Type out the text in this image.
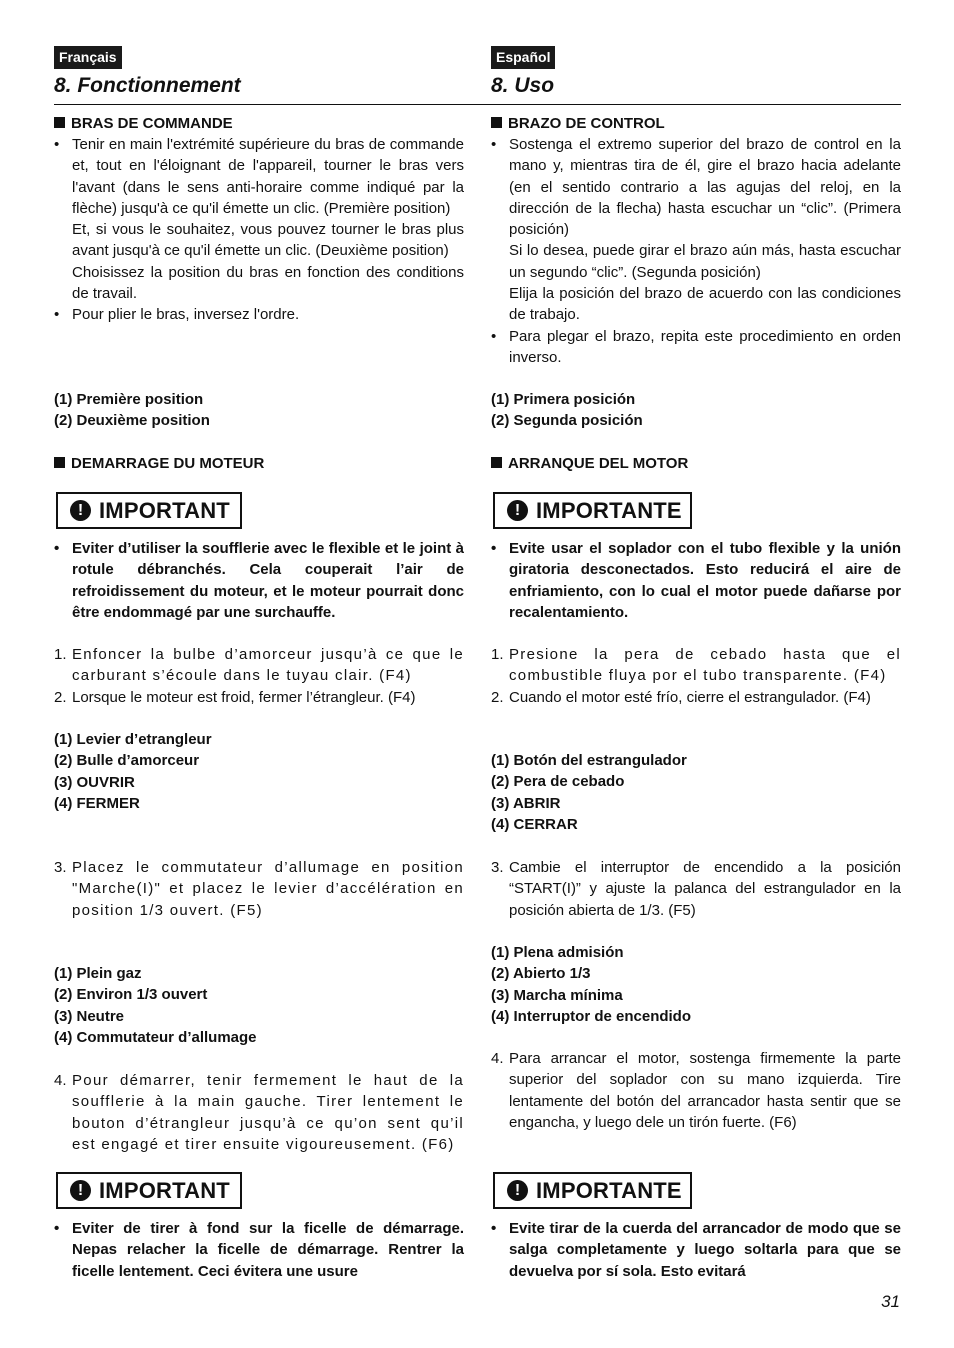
Français
8. Fonctionnement
BRAS DE COMMANDE
• Tenir en main l'extrémité supérieure du bras de commande et, tout en l'éloignant de l'appareil, tourner le bras vers l'avant (dans le sens anti-horaire comme indiqué par la flèche) jusqu'à ce qu'il émette un clic. (Première position)
Et, si vous le souhaitez, vous pouvez tourner le bras plus avant jusqu'à ce qu'il émette un clic. (Deuxième position)
Choisissez la position du bras en fonction des conditions de travail.
• Pour plier le bras, inversez l'ordre.
(1) Première position
(2) Deuxième position
DEMARRAGE DU MOTEUR
! IMPORTANT
• Eviter d’utiliser la soufflerie avec le flexible et le joint à rotule débranchés. Cela couperait l’air de refroidissement du moteur, et le moteur pourrait donc être endommagé par une surchauffe.
1. Enfoncer la bulbe d’amorceur jusqu’à ce que le carburant s’écoule dans le tuyau clair. (F4)
2. Lorsque le moteur est froid, fermer l’étrangleur. (F4)
(1) Levier d’etrangleur
(2) Bulle d’amorceur
(3) OUVRIR
(4) FERMER
3. Placez le commutateur d’allumage en position "Marche(I)" et placez le levier d’accélération en position 1/3 ouvert. (F5)
(1) Plein gaz
(2) Environ 1/3 ouvert
(3) Neutre
(4) Commutateur d’allumage
4. Pour démarrer, tenir fermement le haut de la soufflerie à la main gauche. Tirer lentement le bouton d’étrangleur jusqu’à ce qu’on sent qu’il est engagé et tirer ensuite vigoureusement. (F6)
! IMPORTANT
• Eviter de tirer à fond sur la ficelle de démarrage. Nepas relacher la ficelle de démarrage. Rentrer la ficelle lentement. Ceci évitera une usure
Español
8. Uso
BRAZO DE CONTROL
• Sostenga el extremo superior del brazo de control en la mano y, mientras tira de él, gire el brazo hacia adelante (en el sentido contrario a las agujas del reloj, en la dirección de la flecha) hasta escuchar un “clic”. (Primera posición)
Si lo desea, puede girar el brazo aún más, hasta escuchar un segundo “clic”. (Segunda posición)
Elija la posición del brazo de acuerdo con las condiciones de trabajo.
• Para plegar el brazo, repita este procedimiento en orden inverso.
(1) Primera posición
(2) Segunda posición
ARRANQUE DEL MOTOR
! IMPORTANTE
• Evite usar el soplador con el tubo flexible y la unión giratoria desconectados. Esto reducirá el aire de enfriamiento, con lo cual el motor puede dañarse por recalentamiento.
1. Presione la pera de cebado hasta que el combustible fluya por el tubo transparente. (F4)
2. Cuando el motor esté frío, cierre el estrangulador. (F4)
(1) Botón del estrangulador
(2) Pera de cebado
(3) ABRIR
(4) CERRAR
3. Cambie el interruptor de encendido a la posición “START(I)” y ajuste la palanca del estrangulador en la posición abierta de 1/3. (F5)
(1) Plena admisión
(2) Abierto 1/3
(3) Marcha mínima
(4) Interruptor de encendido
4. Para arrancar el motor, sostenga firmemente la parte superior del soplador con su mano izquierda. Tire lentamente del botón del arrancador hasta sentir que se engancha, y luego dele un tirón fuerte. (F6)
! IMPORTANTE
• Evite tirar de la cuerda del arrancador de modo que se salga completamente y luego soltarla para que se devuelva por sí sola. Esto evitará
31
